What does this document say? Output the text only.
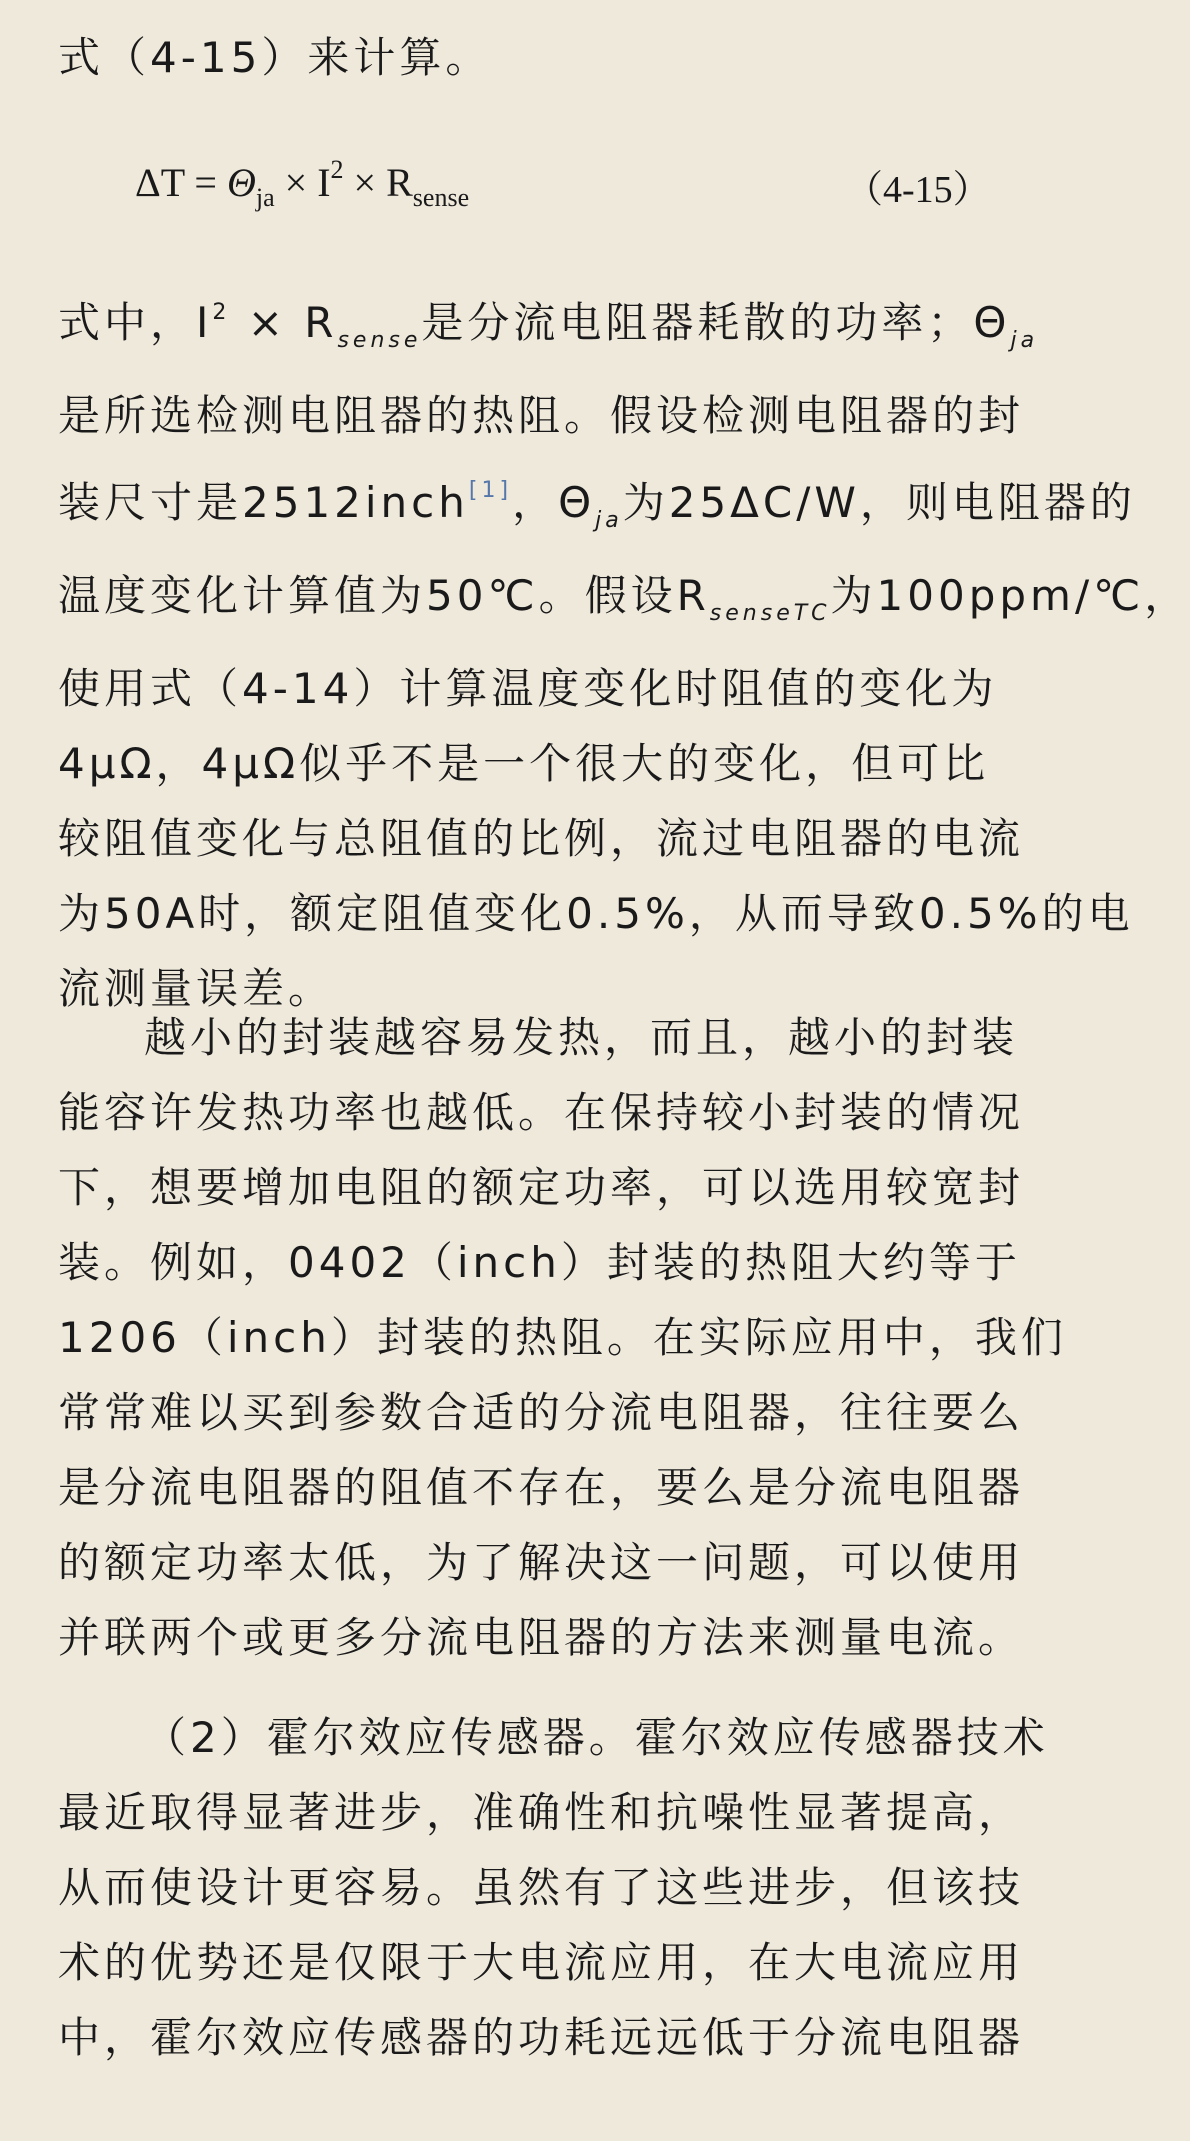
式（4-15）来计算。

$\Delta T = \Theta_{ja} \times I^2 \times R_{sense}$	（4-15）
式中，$I^2 \times R_{sense}$是分流电阻器耗散的功率；$\Theta_{ja}$
是所选检测电阻器的热阻。假设检测电阻器的封
装尺寸是2512inch[1]，$\Theta_{ja}$为25ΔC/W，则电阻器的
温度变化计算值为50℃。假设$R_{senseTC}$为100ppm/℃，
使用式（4-14）计算温度变化时阻值的变化为
4μΩ，4μΩ似乎不是一个很大的变化，但可比
较阻值变化与总阻值的比例，流过电阻器的电流
为50A时，额定阻值变化0.5%，从而导致0.5%的电
流测量误差。
越小的封装越容易发热，而且，越小的封装
能容许发热功率也越低。在保持较小封装的情况
下，想要增加电阻的额定功率，可以选用较宽封
装。例如，0402（inch）封装的热阻大约等于
1206（inch）封装的热阻。在实际应用中，我们
常常难以买到参数合适的分流电阻器，往往要么
是分流电阻器的阻值不存在，要么是分流电阻器
的额定功率太低，为了解决这一问题，可以使用
并联两个或更多分流电阻器的方法来测量电流。
（2）霍尔效应传感器。霍尔效应传感器技术
最近取得显著进步，准确性和抗噪性显著提高，
从而使设计更容易。虽然有了这些进步，但该技
术的优势还是仅限于大电流应用，在大电流应用
中，霍尔效应传感器的功耗远远低于分流电阻器
